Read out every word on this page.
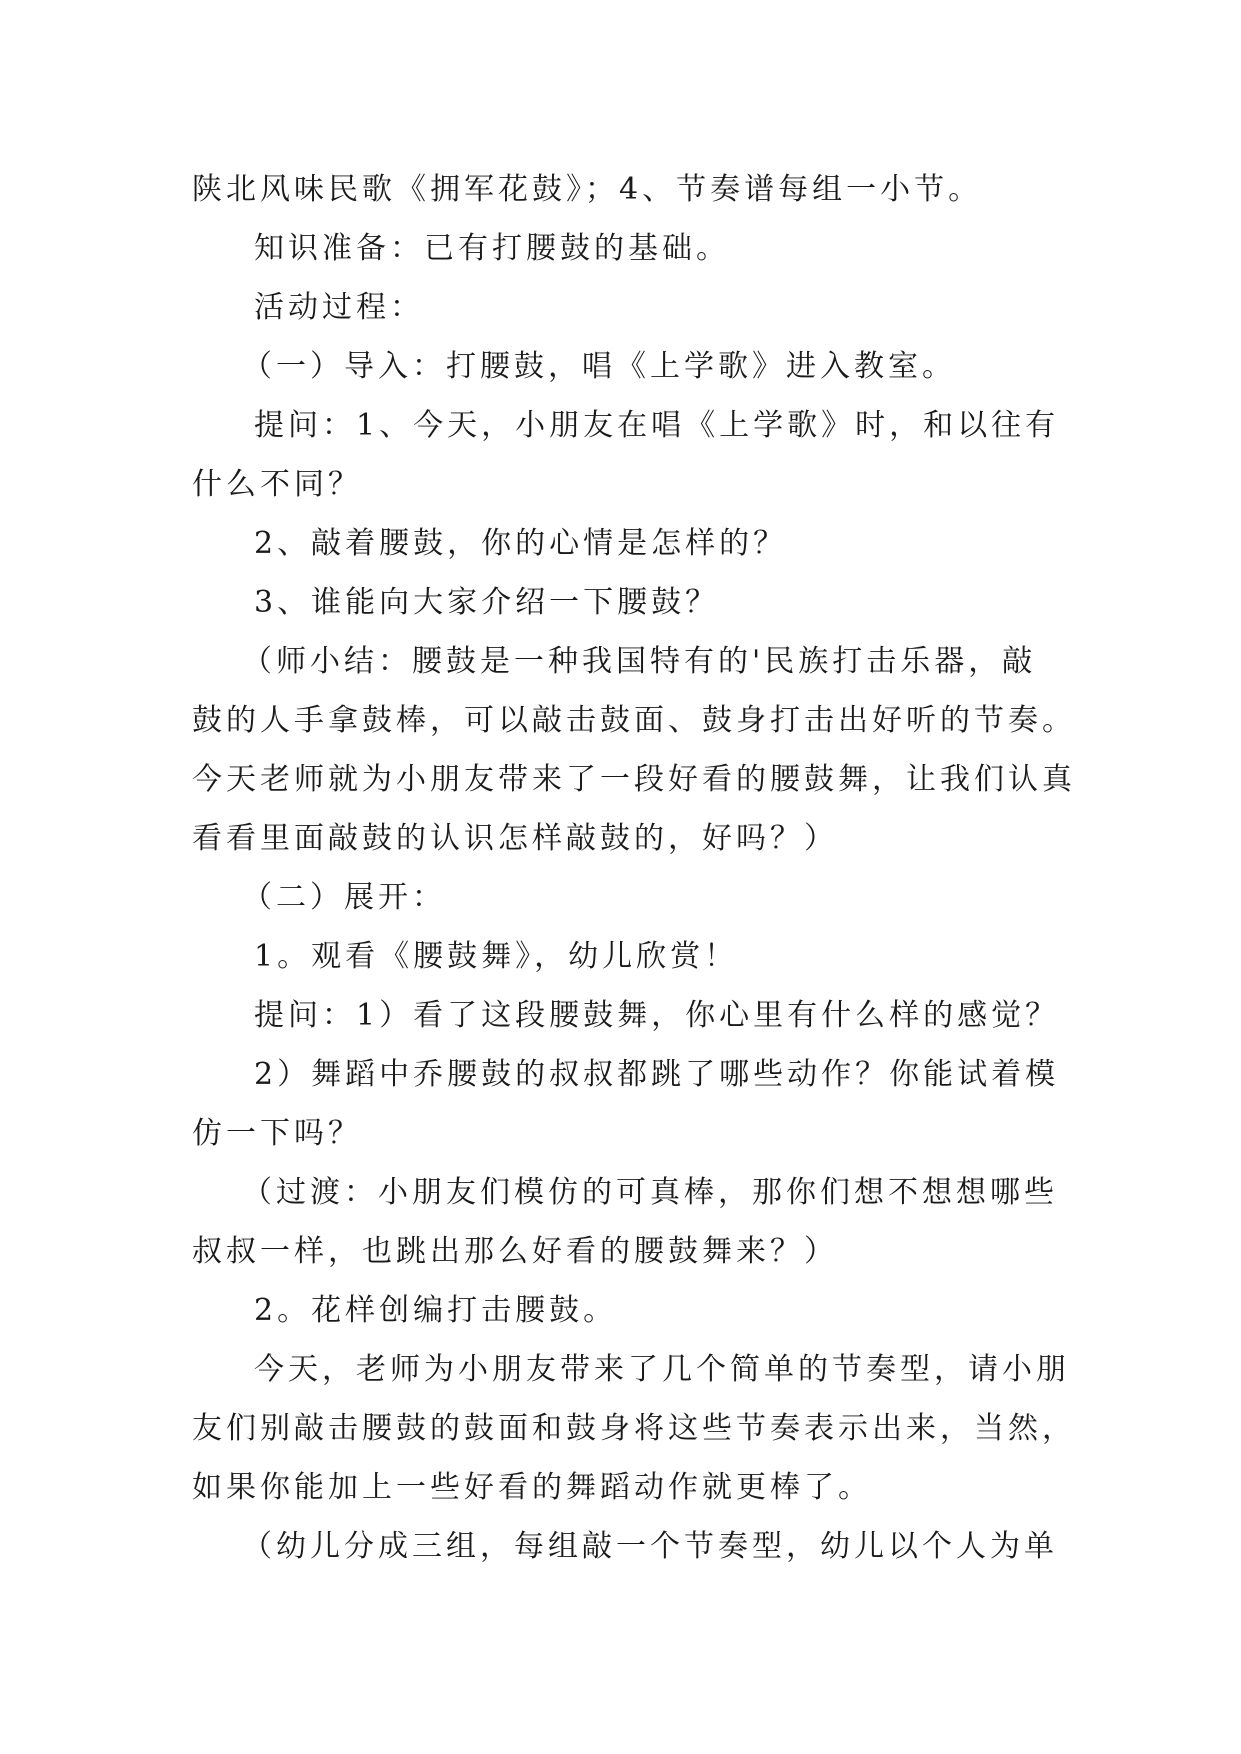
陕北风味民歌《拥军花鼓》；4、节奏谱每组一小节。
知识准备：已有打腰鼓的基础。
活动过程：
（一）导入：打腰鼓，唱《上学歌》进入教室。
提问：1、今天，小朋友在唱《上学歌》时，和以往有
什么不同？
2、敲着腰鼓，你的心情是怎样的？
3、谁能向大家介绍一下腰鼓？
（师小结：腰鼓是一种我国特有的'民族打击乐器，敲
鼓的人手拿鼓棒，可以敲击鼓面、鼓身打击出好听的节奏。
今天老师就为小朋友带来了一段好看的腰鼓舞，让我们认真
看看里面敲鼓的认识怎样敲鼓的，好吗？）
（二）展开：
1。观看《腰鼓舞》，幼儿欣赏！
提问：1）看了这段腰鼓舞，你心里有什么样的感觉？
2）舞蹈中乔腰鼓的叔叔都跳了哪些动作？你能试着模
仿一下吗？
（过渡：小朋友们模仿的可真棒，那你们想不想想哪些
叔叔一样，也跳出那么好看的腰鼓舞来？）
2。花样创编打击腰鼓。
今天，老师为小朋友带来了几个简单的节奏型，请小朋
友们别敲击腰鼓的鼓面和鼓身将这些节奏表示出来，当然，
如果你能加上一些好看的舞蹈动作就更棒了。
（幼儿分成三组，每组敲一个节奏型，幼儿以个人为单
